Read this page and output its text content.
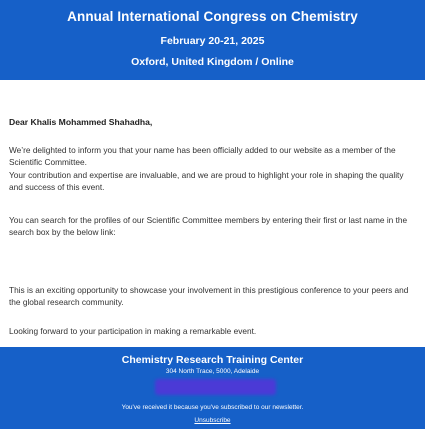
Annual International Congress on Chemistry
February 20-21, 2025
Oxford, United Kingdom / Online

Dear Khalis Mohammed Shahadha,

We’re delighted to inform you that your name has been officially added to our website as a member of the Scientific Committee.

Your contribution and expertise are invaluable, and we are proud to highlight your role in shaping the quality and success of this event.

You can search for the profiles of our Scientific Committee members by entering their first or last name in the search box by the below link:

This is an exciting opportunity to showcase your involvement in this prestigious conference to your peers and the global research community.

Looking forward to your participation in making a remarkable event.

Chemistry Research Training Center
304 North Trace, 5000, Adelaide
You've received it because you've subscribed to our newsletter.
Unsubscribe
